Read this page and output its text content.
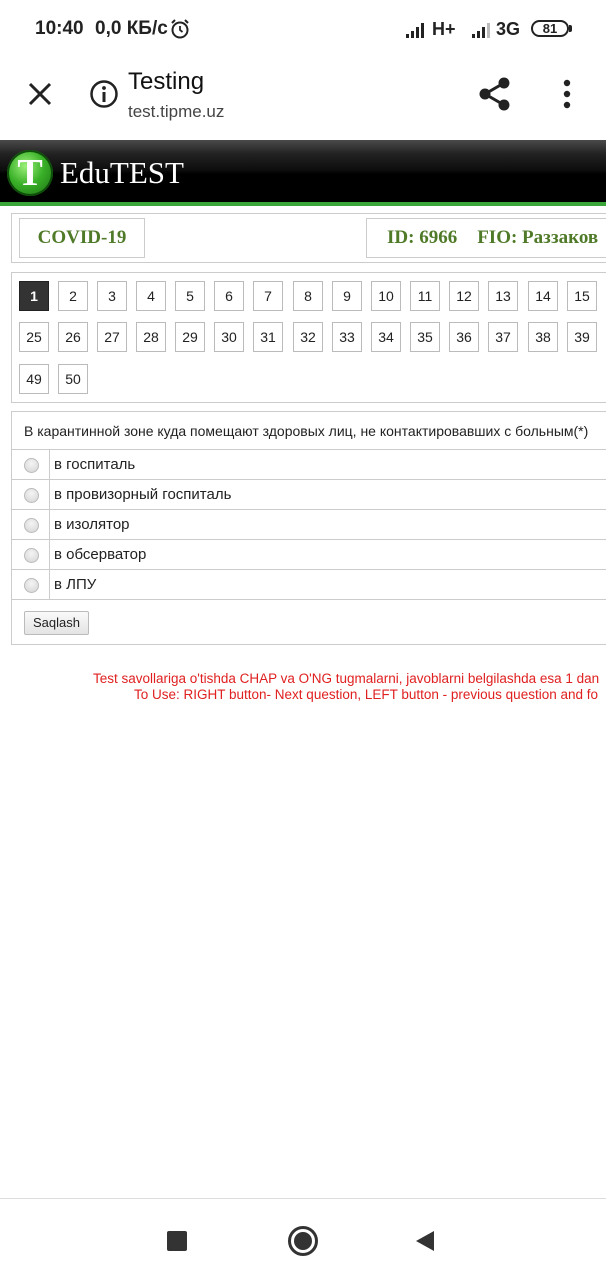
10:40 0,0 КБ/с	H+ 3G	81
Testing
test.tipme.uz
T EduTEST
COVID-19	ID: 6966 FIO: Раззаков
1	2	3	4	5	6	7	8	9	10	11	12	13	14	15
25	26	27	28	29	30	31	32	33	34	35	36	37	38	39
49	50
В карантинной зоне куда помещают здоровых лиц, не контактировавших с больным(*)
в госпиталь
в провизорный госпиталь
в изолятор
в обсерватор
в ЛПУ
Saqlash
Test savollariga o'tishda CHAP va O'NG tugmalarni, javoblarni belgilashda esa 1 dan
To Use: RIGHT button- Next question, LEFT button - previous question and fo
